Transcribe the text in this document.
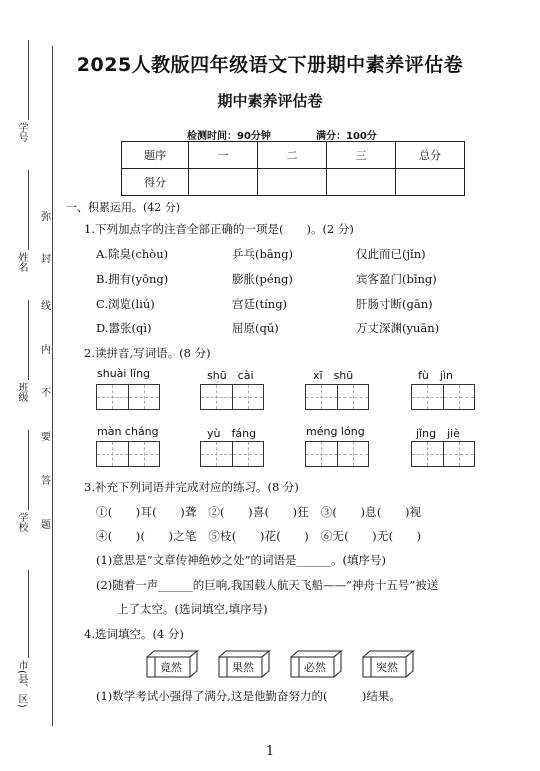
学号
姓名
班级
学校
市(县、区)
弥
封
线
内
不
要
答
题
2025人教版四年级语文下册期中素养评估卷
期中素养评估卷
检测时间：90分钟	满分：100分
题序	一	二	三	总分
得分				
一、积累运用。(42 分)
1.下列加点字的注音全部正确的一项是(　　)。(2 分)
A.除臭(chòu)	乒乓(bāng)	仅此而已(jǐn)
B.拥有(yōng)	膨胀(péng)	宾客盈门(bīng)
C.浏览(liú)	宫廷(tíng)	肝肠寸断(gān)
D.嚣张(qì)	屈原(qū)	万丈深渊(yuān)
2.读拼音,写词语。(8 分)
shuài lǐng	shū　cài	xī　shū	fù　jìn
màn cháng	yù　fáng	méng lóng	jǐng　jiè
3.补充下列词语并完成对应的练习。(8 分)
①(　　)耳(　　)聋　②(　　)喜(　　)狂　③(　　)息(　　)视
④(　　)(　　)之笔　⑤枝(　　)花(　　)　⑥无(　　)无(　　)
(1)意思是“文章传神绝妙之处”的词语是______。(填序号)
(2)随着一声______的巨响,我国载人航天飞船——“神舟十五号”被送
上了太空。(选词填空,填序号)
4.选词填空。(4 分)
竟然	果然	必然	突然
(1)数学考试小强得了满分,这是他勤奋努力的(　　　)结果。
1
